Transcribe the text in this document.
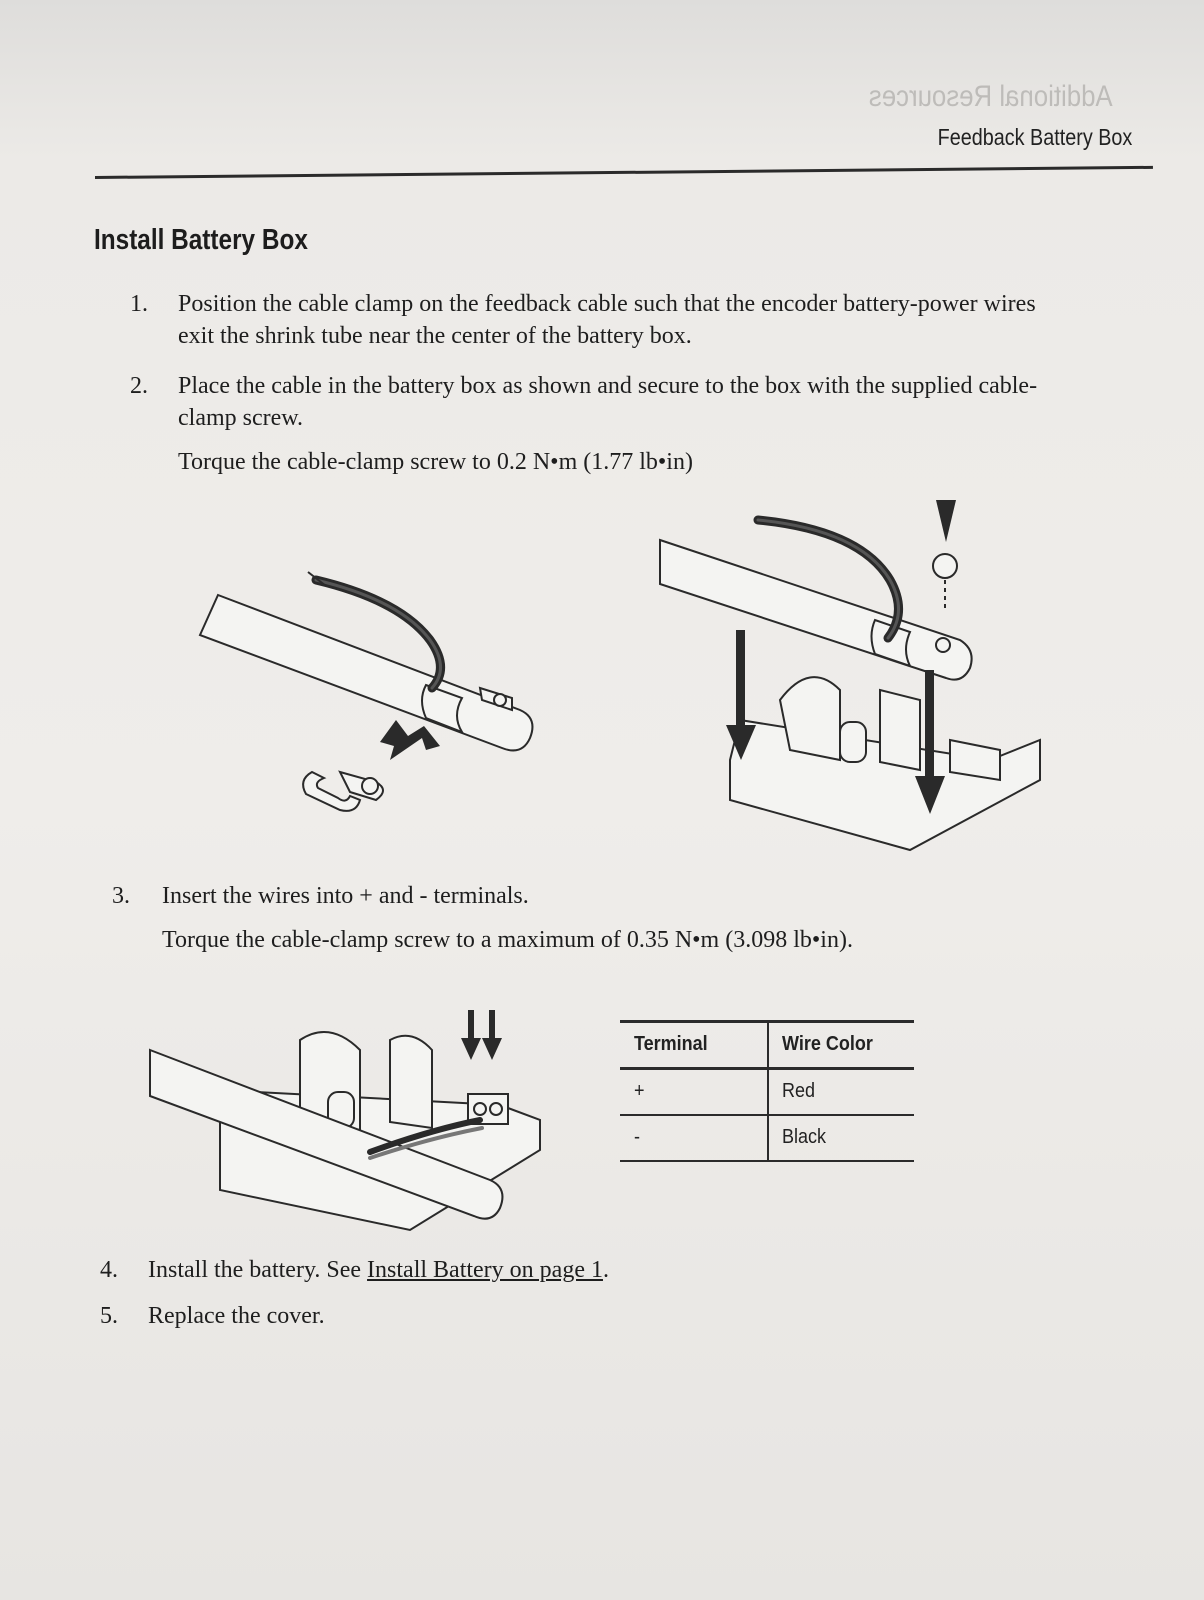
Additional Resources
Feedback Battery Box
Install Battery Box
1. Position the cable clamp on the feedback cable such that the encoder battery-power wires
exit the shrink tube near the center of the battery box.
2. Place the cable in the battery box as shown and secure to the box with the supplied cable-
clamp screw.
Torque the cable-clamp screw to 0.2 N•m (1.77 lb•in)
3. Insert the wires into + and - terminals.
Torque the cable-clamp screw to a maximum of 0.35 N•m (3.098 lb•in).
Terminal	Wire Color
+	Red
-	Black
4. Install the battery. See Install Battery on page 1.
5. Replace the cover.
